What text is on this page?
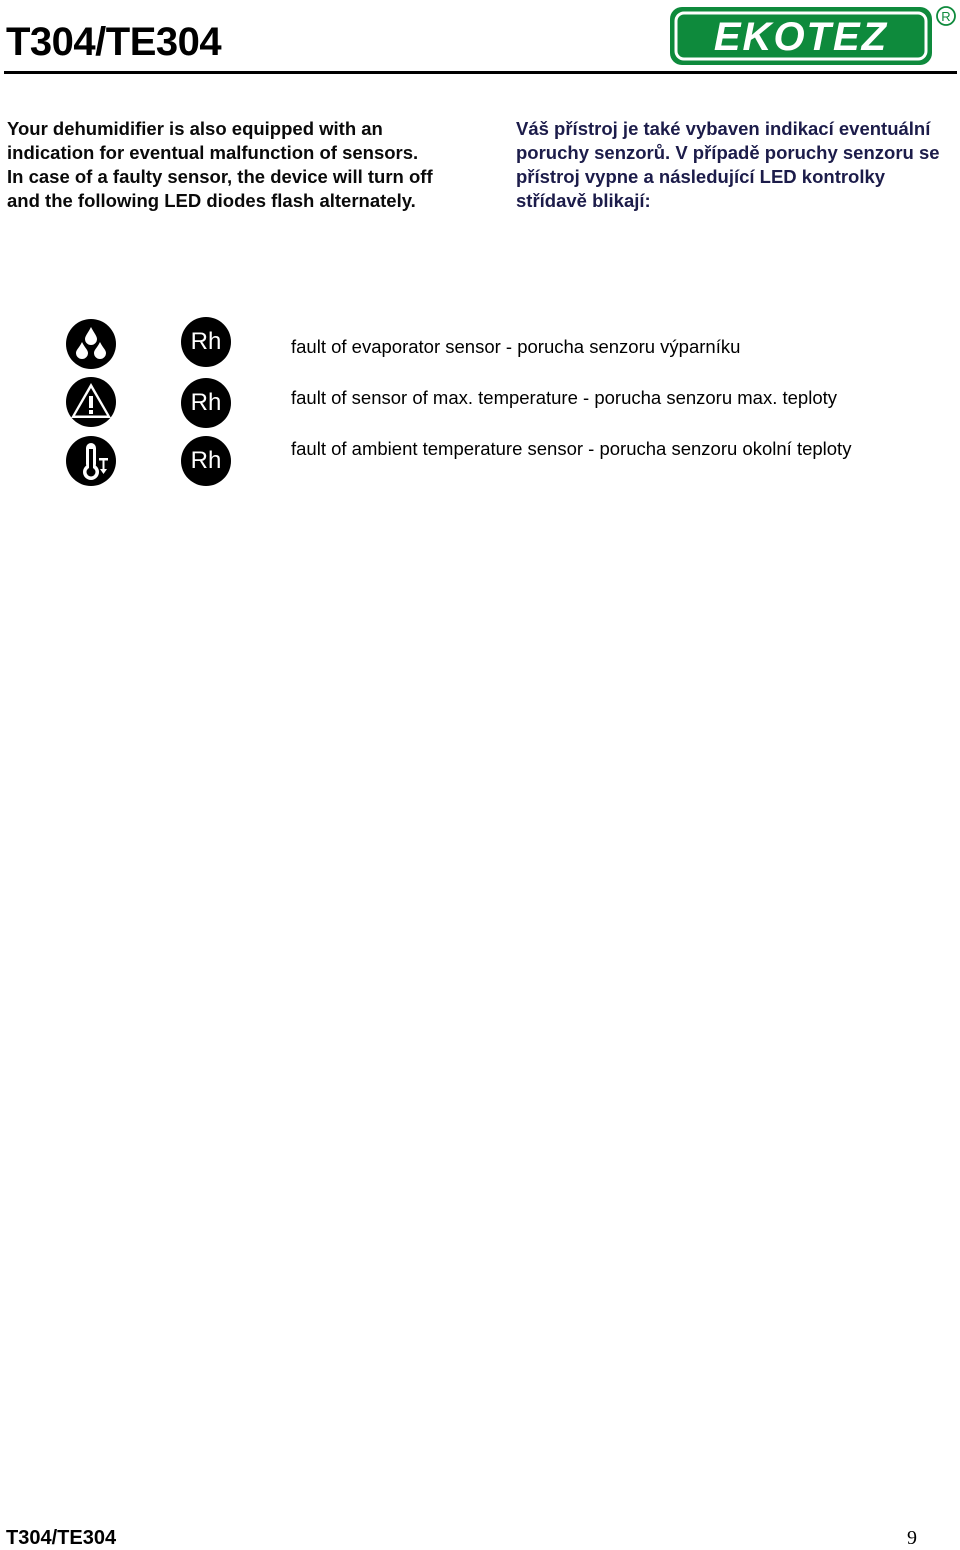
T304/TE304	EKOTEZ	R
Your dehumidifier is also equipped with an indication for eventual malfunction of sensors. In case of a faulty sensor, the device will turn off and the following LED diodes flash alternately.
Váš přístroj je také vybaven indikací eventuální poruchy senzorů. V případě poruchy senzoru se přístroj vypne a následující LED kontrolky střídavě blikají:
Rh	fault of evaporator sensor - porucha senzoru výparníku
Rh	fault of sensor of max. temperature - porucha senzoru max. teploty
Rh	fault of ambient temperature sensor - porucha senzoru okolní teploty
T304/TE304	9
